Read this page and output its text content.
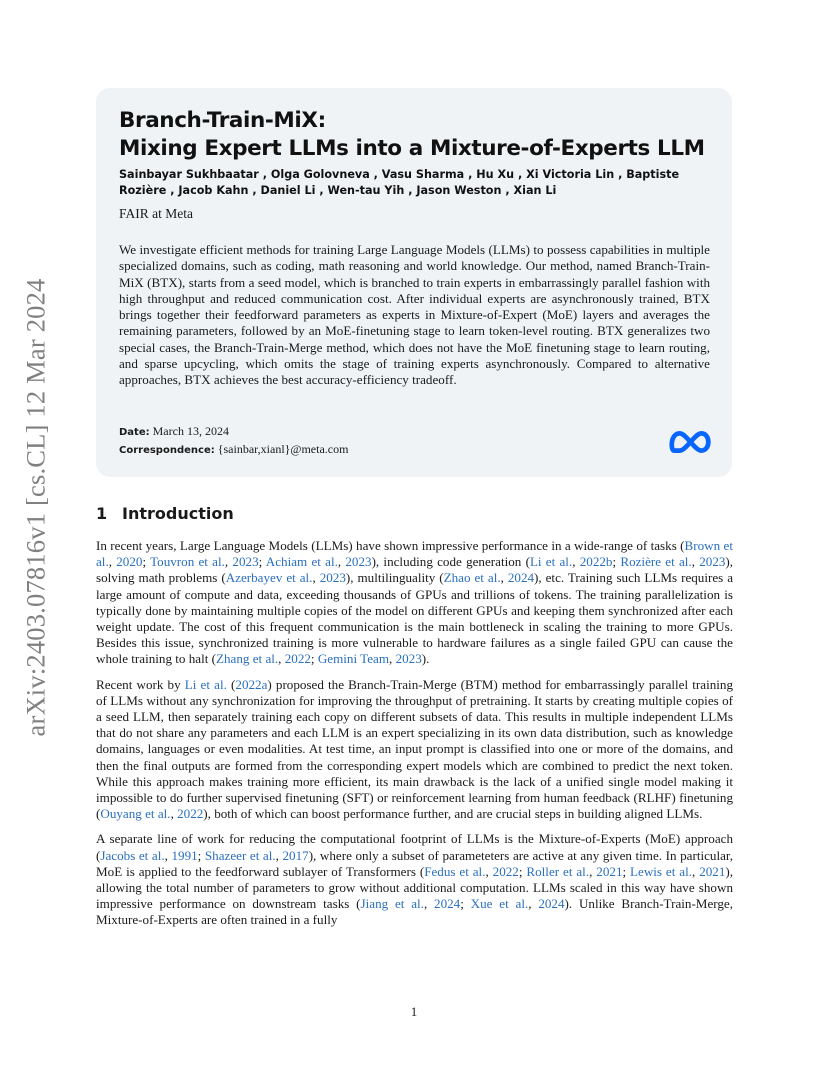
arXiv:2403.07816v1 [cs.CL] 12 Mar 2024
Branch-Train-MiX:
Mixing Expert LLMs into a Mixture-of-Experts LLM
Sainbayar Sukhbaatar , Olga Golovneva , Vasu Sharma , Hu Xu , Xi Victoria Lin , Baptiste Rozière , Jacob Kahn , Daniel Li , Wen-tau Yih , Jason Weston , Xian Li
FAIR at Meta
We investigate efficient methods for training Large Language Models (LLMs) to possess capabilities in multiple specialized domains, such as coding, math reasoning and world knowledge. Our method, named Branch-Train-MiX (BTX), starts from a seed model, which is branched to train experts in embarrassingly parallel fashion with high throughput and reduced communication cost. After individual experts are asynchronously trained, BTX brings together their feedforward parameters as experts in Mixture-of-Expert (MoE) layers and averages the remaining parameters, followed by an MoE-finetuning stage to learn token-level routing. BTX generalizes two special cases, the Branch-Train-Merge method, which does not have the MoE finetuning stage to learn routing, and sparse upcycling, which omits the stage of training experts asynchronously. Compared to alternative approaches, BTX achieves the best accuracy-efficiency tradeoff.
Date: March 13, 2024
Correspondence: {sainbar,xianl}@meta.com
1 Introduction

In recent years, Large Language Models (LLMs) have shown impressive performance in a wide-range of tasks (Brown et al., 2020; Touvron et al., 2023; Achiam et al., 2023), including code generation (Li et al., 2022b; Rozière et al., 2023), solving math problems (Azerbayev et al., 2023), multilinguality (Zhao et al., 2024), etc. Training such LLMs requires a large amount of compute and data, exceeding thousands of GPUs and trillions of tokens. The training parallelization is typically done by maintaining multiple copies of the model on different GPUs and keeping them synchronized after each weight update. The cost of this frequent communication is the main bottleneck in scaling the training to more GPUs. Besides this issue, synchronized training is more vulnerable to hardware failures as a single failed GPU can cause the whole training to halt (Zhang et al., 2022; Gemini Team, 2023).

Recent work by Li et al. (2022a) proposed the Branch-Train-Merge (BTM) method for embarrassingly parallel training of LLMs without any synchronization for improving the throughput of pretraining. It starts by creating multiple copies of a seed LLM, then separately training each copy on different subsets of data. This results in multiple independent LLMs that do not share any parameters and each LLM is an expert specializing in its own data distribution, such as knowledge domains, languages or even modalities. At test time, an input prompt is classified into one or more of the domains, and then the final outputs are formed from the corresponding expert models which are combined to predict the next token. While this approach makes training more efficient, its main drawback is the lack of a unified single model making it impossible to do further supervised finetuning (SFT) or reinforcement learning from human feedback (RLHF) finetuning (Ouyang et al., 2022), both of which can boost performance further, and are crucial steps in building aligned LLMs.

A separate line of work for reducing the computational footprint of LLMs is the Mixture-of-Experts (MoE) approach (Jacobs et al., 1991; Shazeer et al., 2017), where only a subset of parameteters are active at any given time. In particular, MoE is applied to the feedforward sublayer of Transformers (Fedus et al., 2022; Roller et al., 2021; Lewis et al., 2021), allowing the total number of parameters to grow without additional computation. LLMs scaled in this way have shown impressive performance on downstream tasks (Jiang et al., 2024; Xue et al., 2024). Unlike Branch-Train-Merge, Mixture-of-Experts are often trained in a fully

1
